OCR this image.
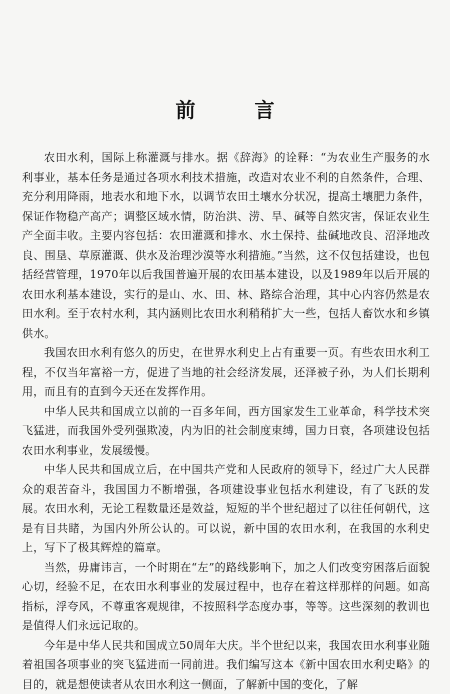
前 言

农田水利，国际上称灌溉与排水。据《辞海》的诠释：“为农业生产服务的水利事业，基本任务是通过各项水利技术措施，改造对农业不利的自然条件，合理、充分利用降雨，地表水和地下水，以调节农田土壤水分状况，提高土壤肥力条件，保证作物稳产高产；调整区域水情，防治洪、涝、旱、碱等自然灾害，保证农业生产全面丰收。主要内容包括：农田灌溉和排水、水土保持、盐碱地改良、沼泽地改良、围垦、草原灌溉、供水及治理沙漠等水利措施。”当然，这不仅包括建设，也包括经营管理，1970年以后我国普遍开展的农田基本建设，以及1989年以后开展的农田水利基本建设，实行的是山、水、田、林、路综合治理，其中心内容仍然是农田水利。至于农村水利，其内涵则比农田水利稍稍扩大一些，包括人畜饮水和乡镇供水。

我国农田水利有悠久的历史，在世界水利史上占有重要一页。有些农田水利工程，不仅当年富裕一方，促进了当地的社会经济发展，还泽被子孙，为人们长期利用，而且有的直到今天还在发挥作用。

中华人民共和国成立以前的一百多年间，西方国家发生工业革命，科学技术突飞猛进，而我国外受列强欺凌，内为旧的社会制度束缚，国力日衰，各项建设包括农田水利事业，发展缓慢。

中华人民共和国成立后，在中国共产党和人民政府的领导下，经过广大人民群众的艰苦奋斗，我国国力不断增强，各项建设事业包括水利建设，有了飞跃的发展。农田水利，无论工程数量还是效益，短短的半个世纪超过了以往任何朝代，这是有目共睹，为国内外所公认的。可以说，新中国的农田水利，在我国的水利史上，写下了极其辉煌的篇章。

当然，毋庸讳言，一个时期在“左”的路线影响下，加之人们改变穷困落后面貌心切，经验不足，在农田水利事业的发展过程中，也存在着这样那样的问题。如高指标，浮夸风，不尊重客观规律，不按照科学态度办事，等等。这些深刻的教训也是值得人们永远记取的。

今年是中华人民共和国成立50周年大庆。半个世纪以来，我国农田水利事业随着祖国各项事业的突飞猛进而一同前进。我们编写这本《新中国农田水利史略》的目的，就是想使读者从农田水利这一侧面，了解新中国的变化，了解
